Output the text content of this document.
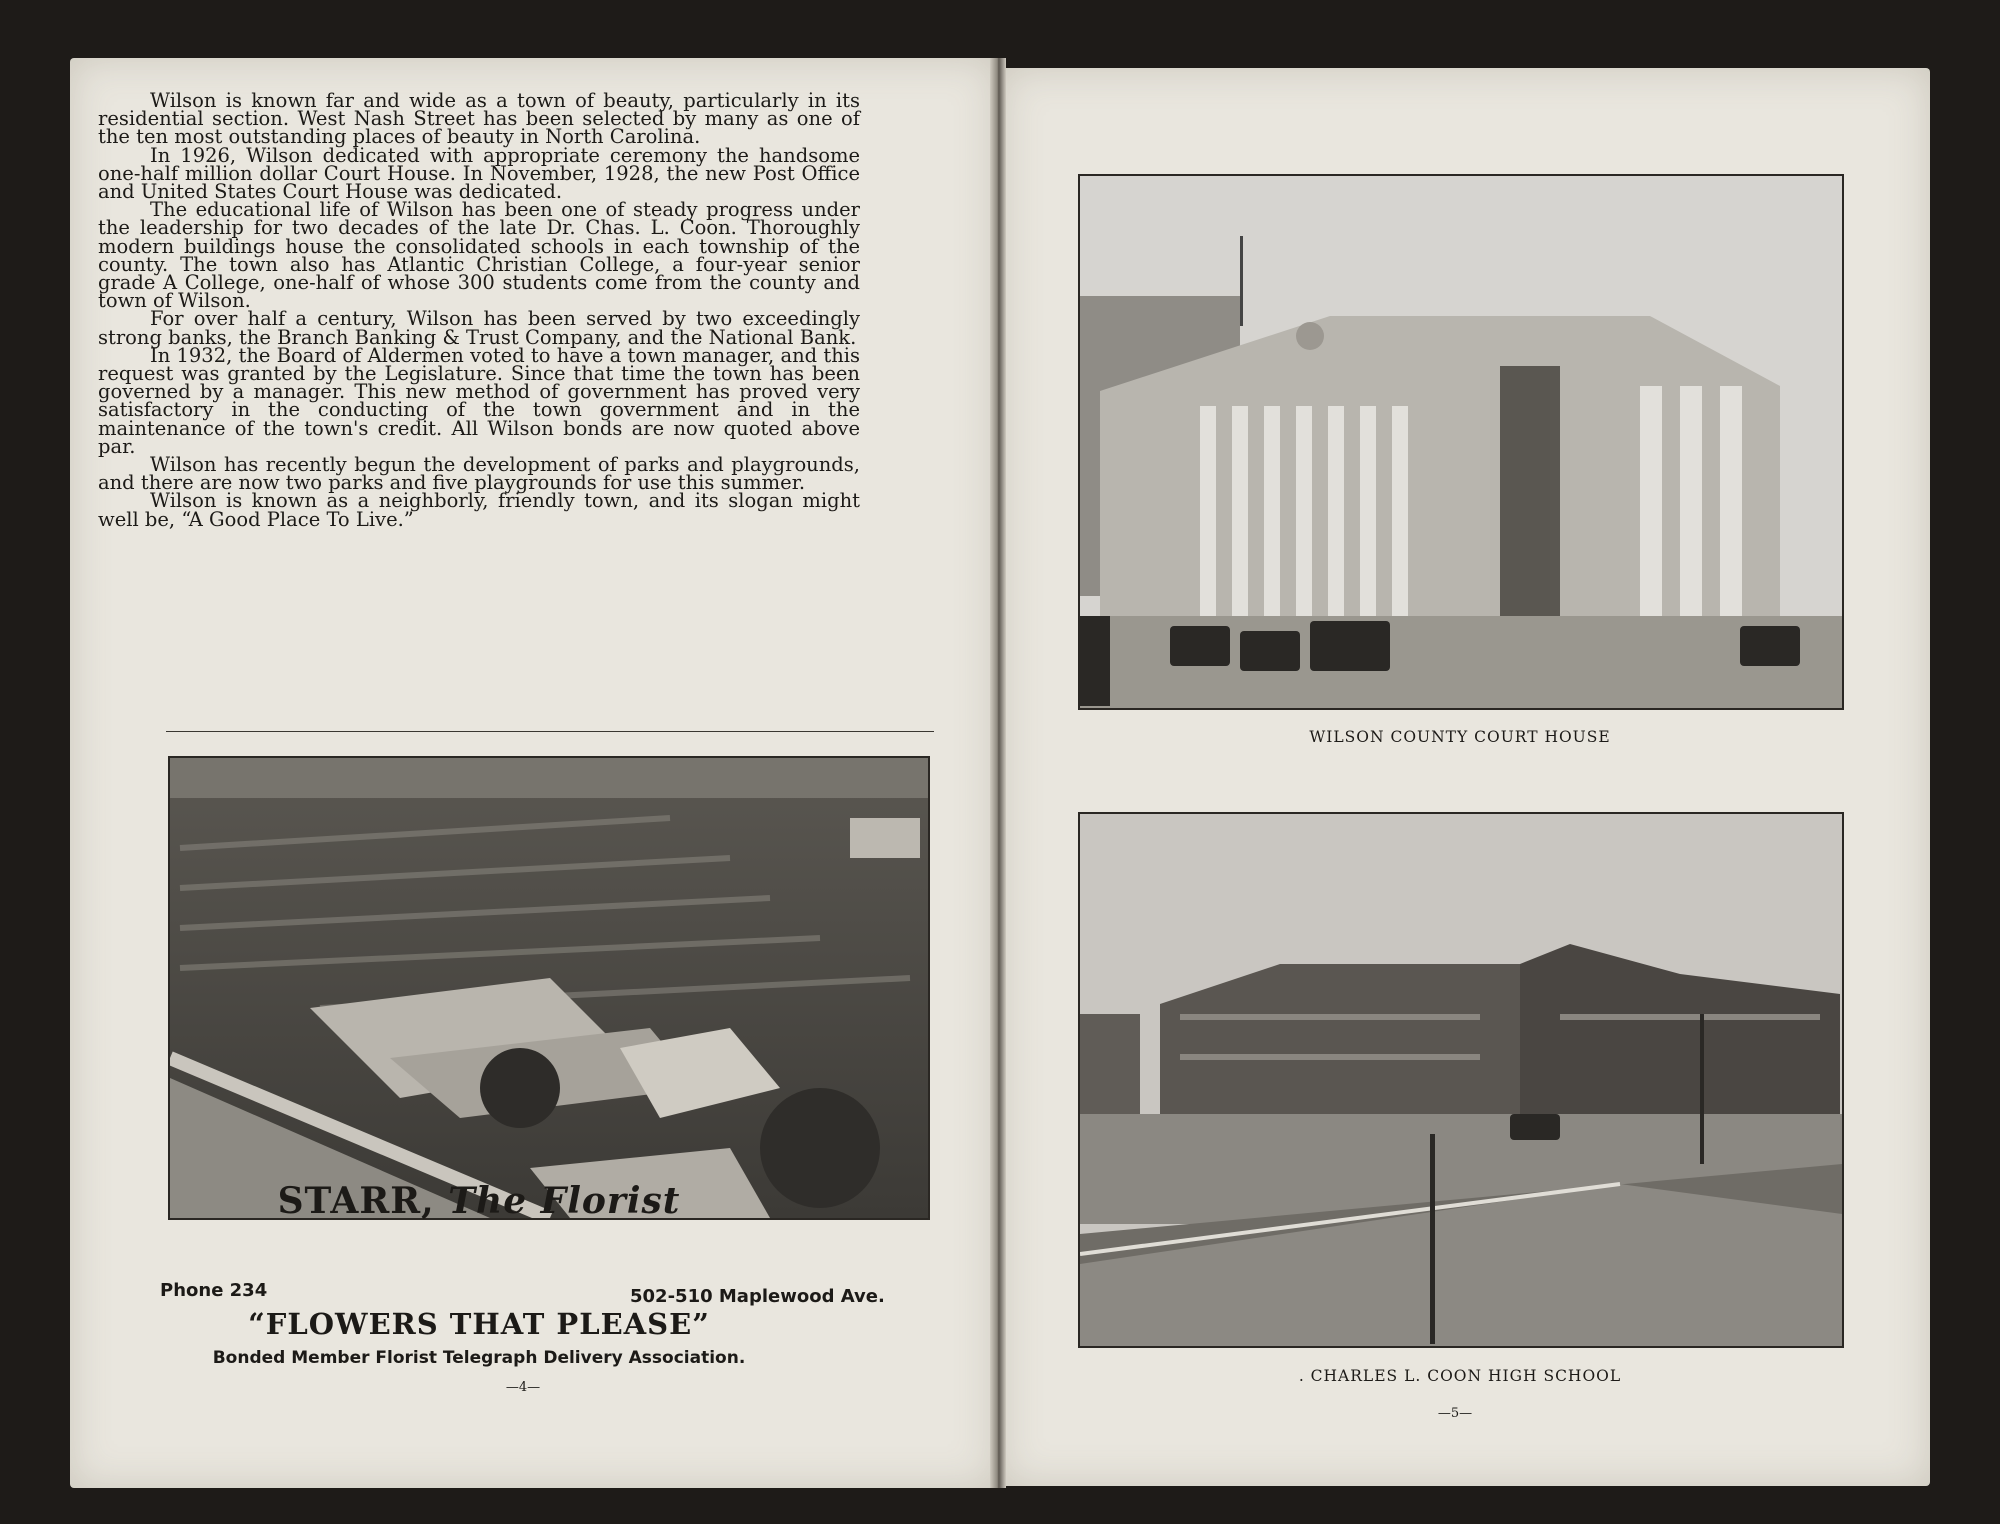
Wilson is known far and wide as a town of beauty, particularly in its residential section. West Nash Street has been selected by many as one of the ten most outstanding places of beauty in North Carolina.

In 1926, Wilson dedicated with appropriate ceremony the handsome one-half million dollar Court House. In November, 1928, the new Post Office and United States Court House was dedicated.

The educational life of Wilson has been one of steady progress under the leadership for two decades of the late Dr. Chas. L. Coon. Thoroughly modern buildings house the consolidated schools in each township of the county. The town also has Atlantic Christian College, a four-year senior grade A College, one-half of whose 300 students come from the county and town of Wilson.

For over half a century, Wilson has been served by two exceedingly strong banks, the Branch Banking & Trust Company, and the National Bank.

In 1932, the Board of Aldermen voted to have a town manager, and this request was granted by the Legislature. Since that time the town has been governed by a manager. This new method of government has proved very satisfactory in the conducting of the town government and in the maintenance of the town's credit. All Wilson bonds are now quoted above par.

Wilson has recently begun the development of parks and playgrounds, and there are now two parks and five playgrounds for use this summer.

Wilson is known as a neighborly, friendly town, and its slogan might well be, “A Good Place To Live.”

STARR, The Florist
Phone 234	502-510 Maplewood Ave.
“FLOWERS THAT PLEASE”
Bonded Member Florist Telegraph Delivery Association.
—4—
WILSON COUNTY COURT HOUSE
. CHARLES L. COON HIGH SCHOOL
—5—
